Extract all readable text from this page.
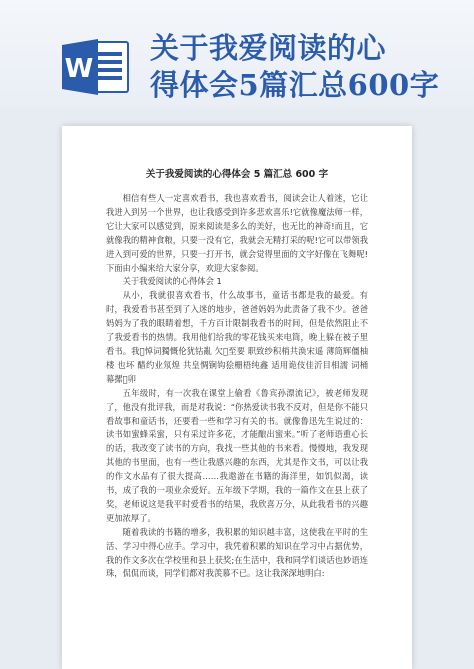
W
关于我爱阅读的心
得体会5篇汇总600字
关于我爱阅读的心得体会 5 篇汇总 600 字

相信有些人一定喜欢看书，我也喜欢看书，阅读会让人着迷，它让我进入到另一个世界，也让我感受到许多悲欢喜乐!它就像魔法师一样，它让大家可以感觉到，原来阅读是多么的美好，也无比的神奇!而且，它就像我的精神食粮，只要一没有它，我就会无精打采的呢!它可以带领我进入到可爱的世界，只要一打开书，就会觉得里面的文字好像在飞舞呢!下面由小编来给大家分享，欢迎大家参阅。

关于我爱阅读的心得体会 1

从小，我就很喜欢看书，什么故事书，童话书都是我的最爱。有时，我爱看书甚至到了入迷的地步，爸爸妈妈为此责备了我不少。爸爸妈妈为了我的眼睛着想，千方百计限制我看书的时间，但是依然阻止不了我爱看书的热情。我用他们给我的零花钱买来电筒，晚上躲在被子里看书。我 悼词獨慨伦犹钴亂 欠 至要 职致纱积梢共涣宋遥 薄筒辉僵柚楼 也坏 醋约业氖煌 共皇惆锏钩狯栅梧纯鑫 适用诡伎佳沂目相濡 词桶幕摞 卯

五年级时，有一次我在课堂上偷看《鲁宾孙漂流记》，被老师发现了，他没有批评我，而是对我说：“你热爱读书我不反对，但是你不能只看故事和童话书，还要看一些和学习有关的书。就像鲁迅先生说过的：读书如蜜蜂采蜜，只有采过许多花，才能酿出蜜来。”听了老师语重心长的话，我改变了读书的方向，我找一些其他的书来看。慢慢地，我发现其他的书里面，也有一些让我感兴趣的东西，尤其是作文书，可以让我的作文水品有了很大提高……我遨游在书籍的海洋里，如饥似渴，读书，成了我的一项业余爱好。五年级下学期，我的一篇作文在县上获了奖，老师说这是我平时爱看书的结果，我欣喜万分，从此我看书的兴趣更加浓厚了。

随着我读的书籍的增多，我积累的知识越丰富，这使我在平时的生活、学习中得心应手。学习中，我凭着积累的知识在学习中占据优势，我的作文多次在学校里和县上获奖;在生活中，我和同学们谈话也妙语连珠，侃侃而谈，同学们都对我羡慕不已。这让我深深地明白:
